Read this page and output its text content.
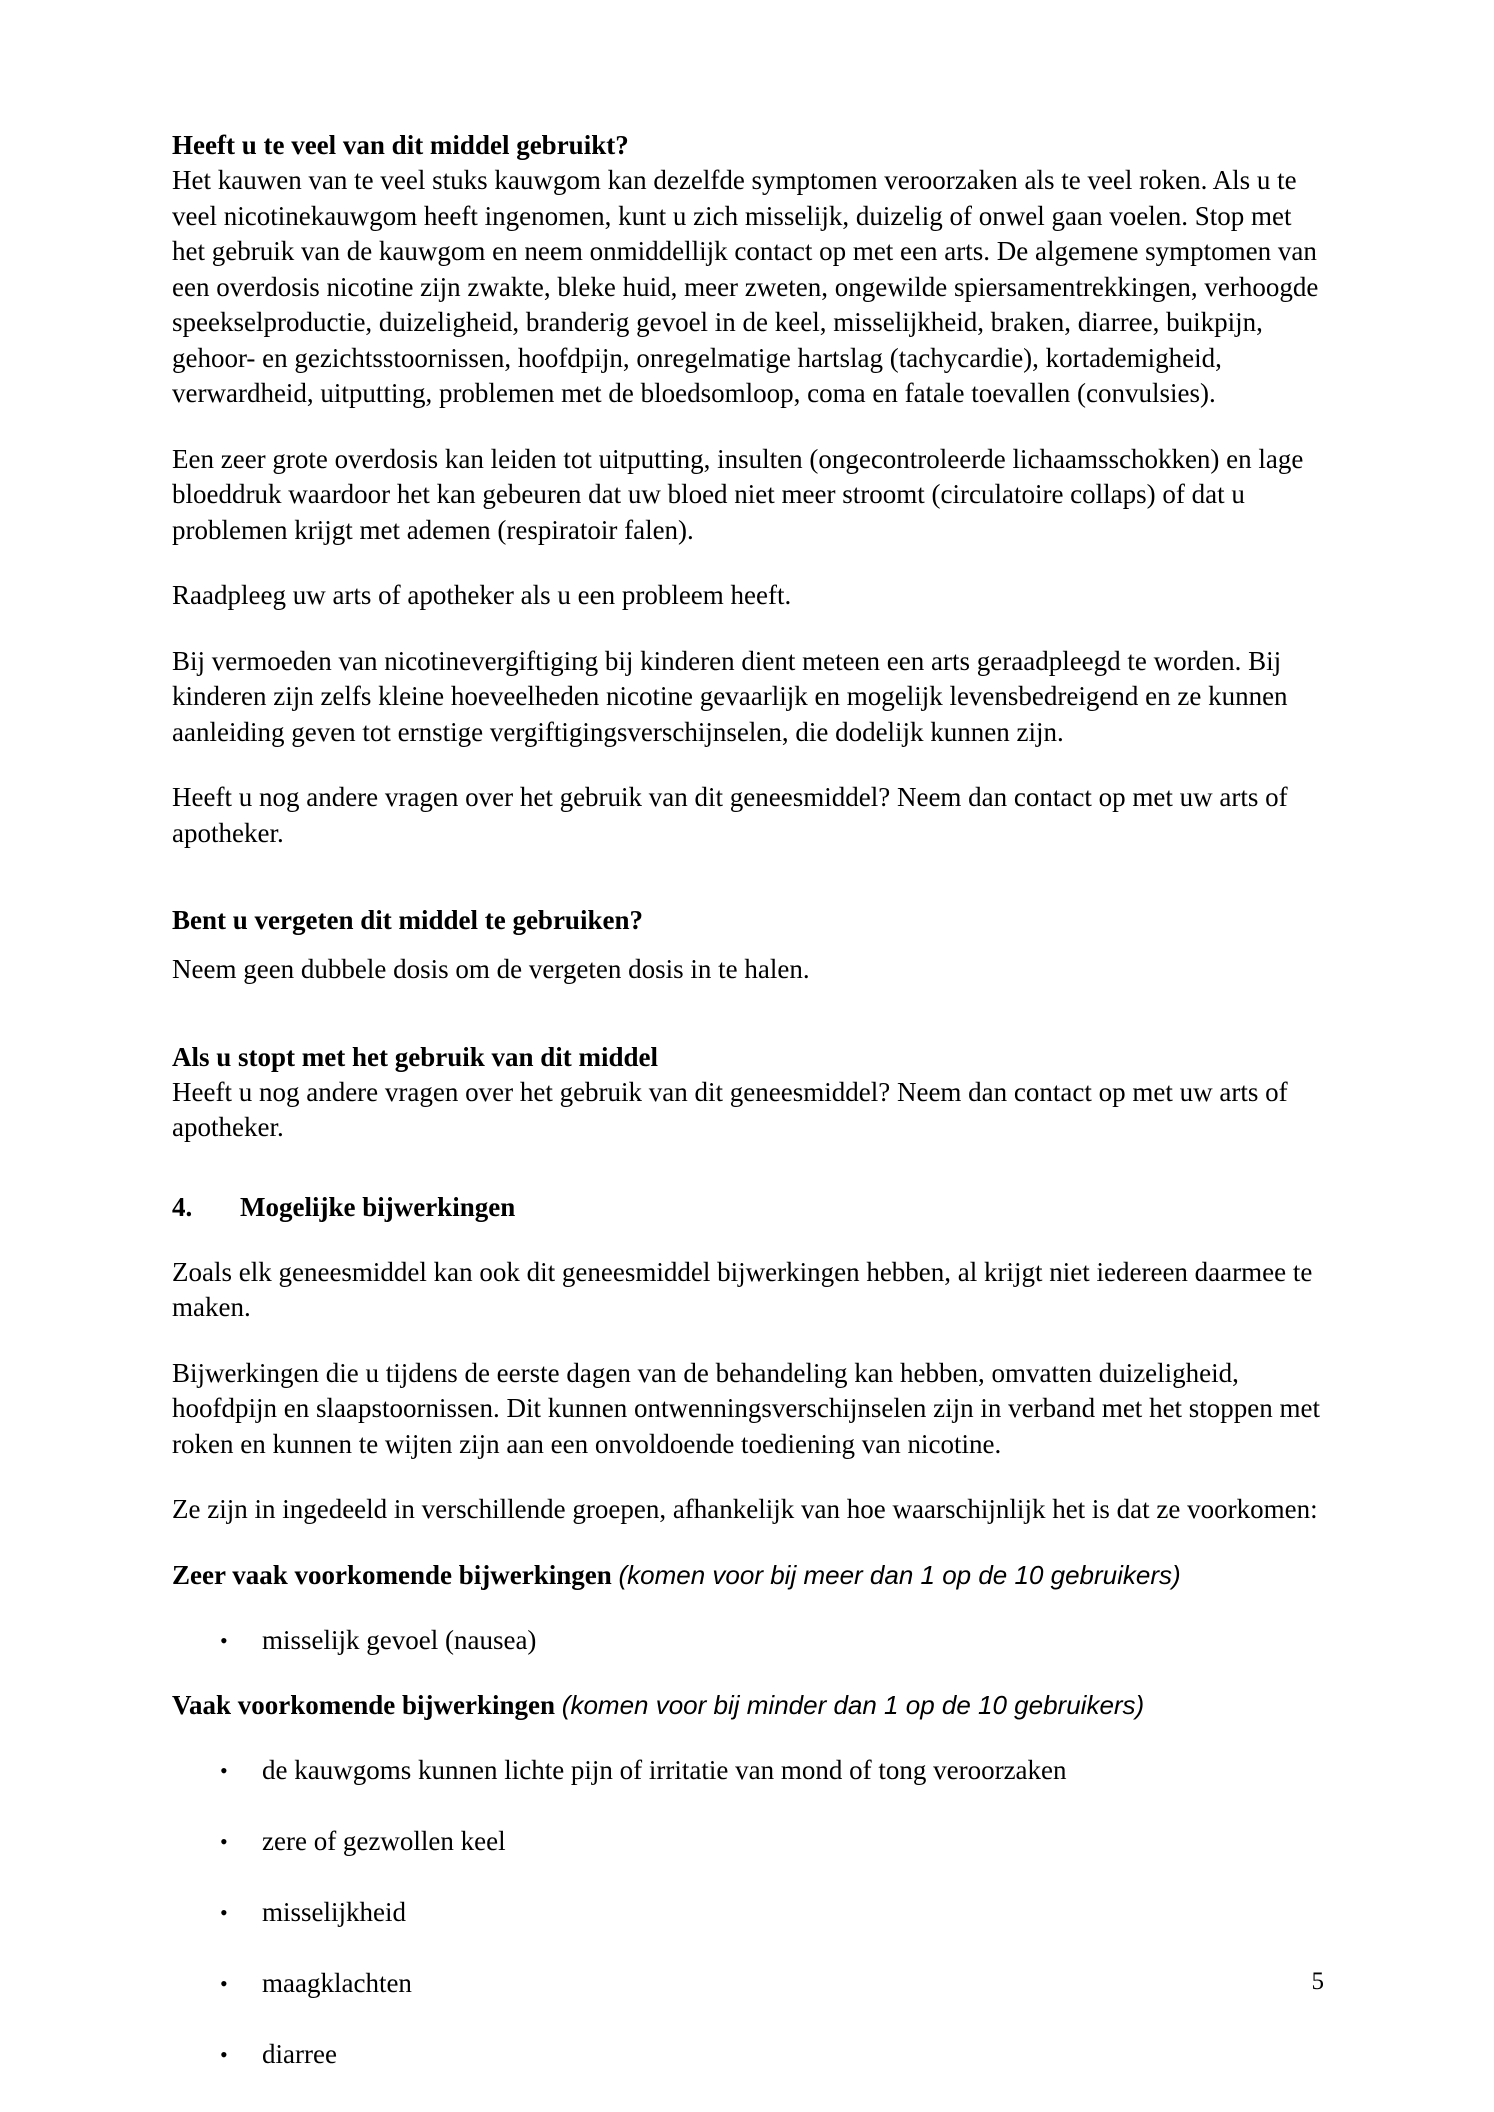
Heeft u te veel van dit middel gebruikt?

Het kauwen van te veel stuks kauwgom kan dezelfde symptomen veroorzaken als te veel roken. Als u te veel nicotinekauwgom heeft ingenomen, kunt u zich misselijk, duizelig of onwel gaan voelen. Stop met het gebruik van de kauwgom en neem onmiddellijk contact op met een arts. De algemene symptomen van een overdosis nicotine zijn zwakte, bleke huid, meer zweten, ongewilde spiersamentrekkingen, verhoogde speekselproductie, duizeligheid, branderig gevoel in de keel, misselijkheid, braken, diarree, buikpijn, gehoor- en gezichtsstoornissen, hoofdpijn, onregelmatige hartslag (tachycardie), kortademigheid, verwardheid, uitputting, problemen met de bloedsomloop, coma en fatale toevallen (convulsies).

Een zeer grote overdosis kan leiden tot uitputting, insulten (ongecontroleerde lichaamsschokken) en lage bloeddruk waardoor het kan gebeuren dat uw bloed niet meer stroomt (circulatoire collaps) of dat u problemen krijgt met ademen (respiratoir falen).

Raadpleeg uw arts of apotheker als u een probleem heeft.

Bij vermoeden van nicotinevergiftiging bij kinderen dient meteen een arts geraadpleegd te worden. Bij kinderen zijn zelfs kleine hoeveelheden nicotine gevaarlijk en mogelijk levensbedreigend en ze kunnen aanleiding geven tot ernstige vergiftigingsverschijnselen, die dodelijk kunnen zijn.

Heeft u nog andere vragen over het gebruik van dit geneesmiddel? Neem dan contact op met uw arts of apotheker.

Bent u vergeten dit middel te gebruiken?

Neem geen dubbele dosis om de vergeten dosis in te halen.

Als u stopt met het gebruik van dit middel

Heeft u nog andere vragen over het gebruik van dit geneesmiddel? Neem dan contact op met uw arts of apotheker.

4.	Mogelijke bijwerkingen

Zoals elk geneesmiddel kan ook dit geneesmiddel bijwerkingen hebben, al krijgt niet iedereen daarmee te maken.

Bijwerkingen die u tijdens de eerste dagen van de behandeling kan hebben, omvatten duizeligheid, hoofdpijn en slaapstoornissen. Dit kunnen ontwenningsverschijnselen zijn in verband met het stoppen met roken en kunnen te wijten zijn aan een onvoldoende toediening van nicotine.

Ze zijn in ingedeeld in verschillende groepen, afhankelijk van hoe waarschijnlijk het is dat ze voorkomen:

Zeer vaak voorkomende bijwerkingen (komen voor bij meer dan 1 op de 10 gebruikers)

• misselijk gevoel (nausea)

Vaak voorkomende bijwerkingen (komen voor bij minder dan 1 op de 10 gebruikers)

• de kauwgoms kunnen lichte pijn of irritatie van mond of tong veroorzaken
• zere of gezwollen keel
• misselijkheid
• maagklachten
• diarree
5
